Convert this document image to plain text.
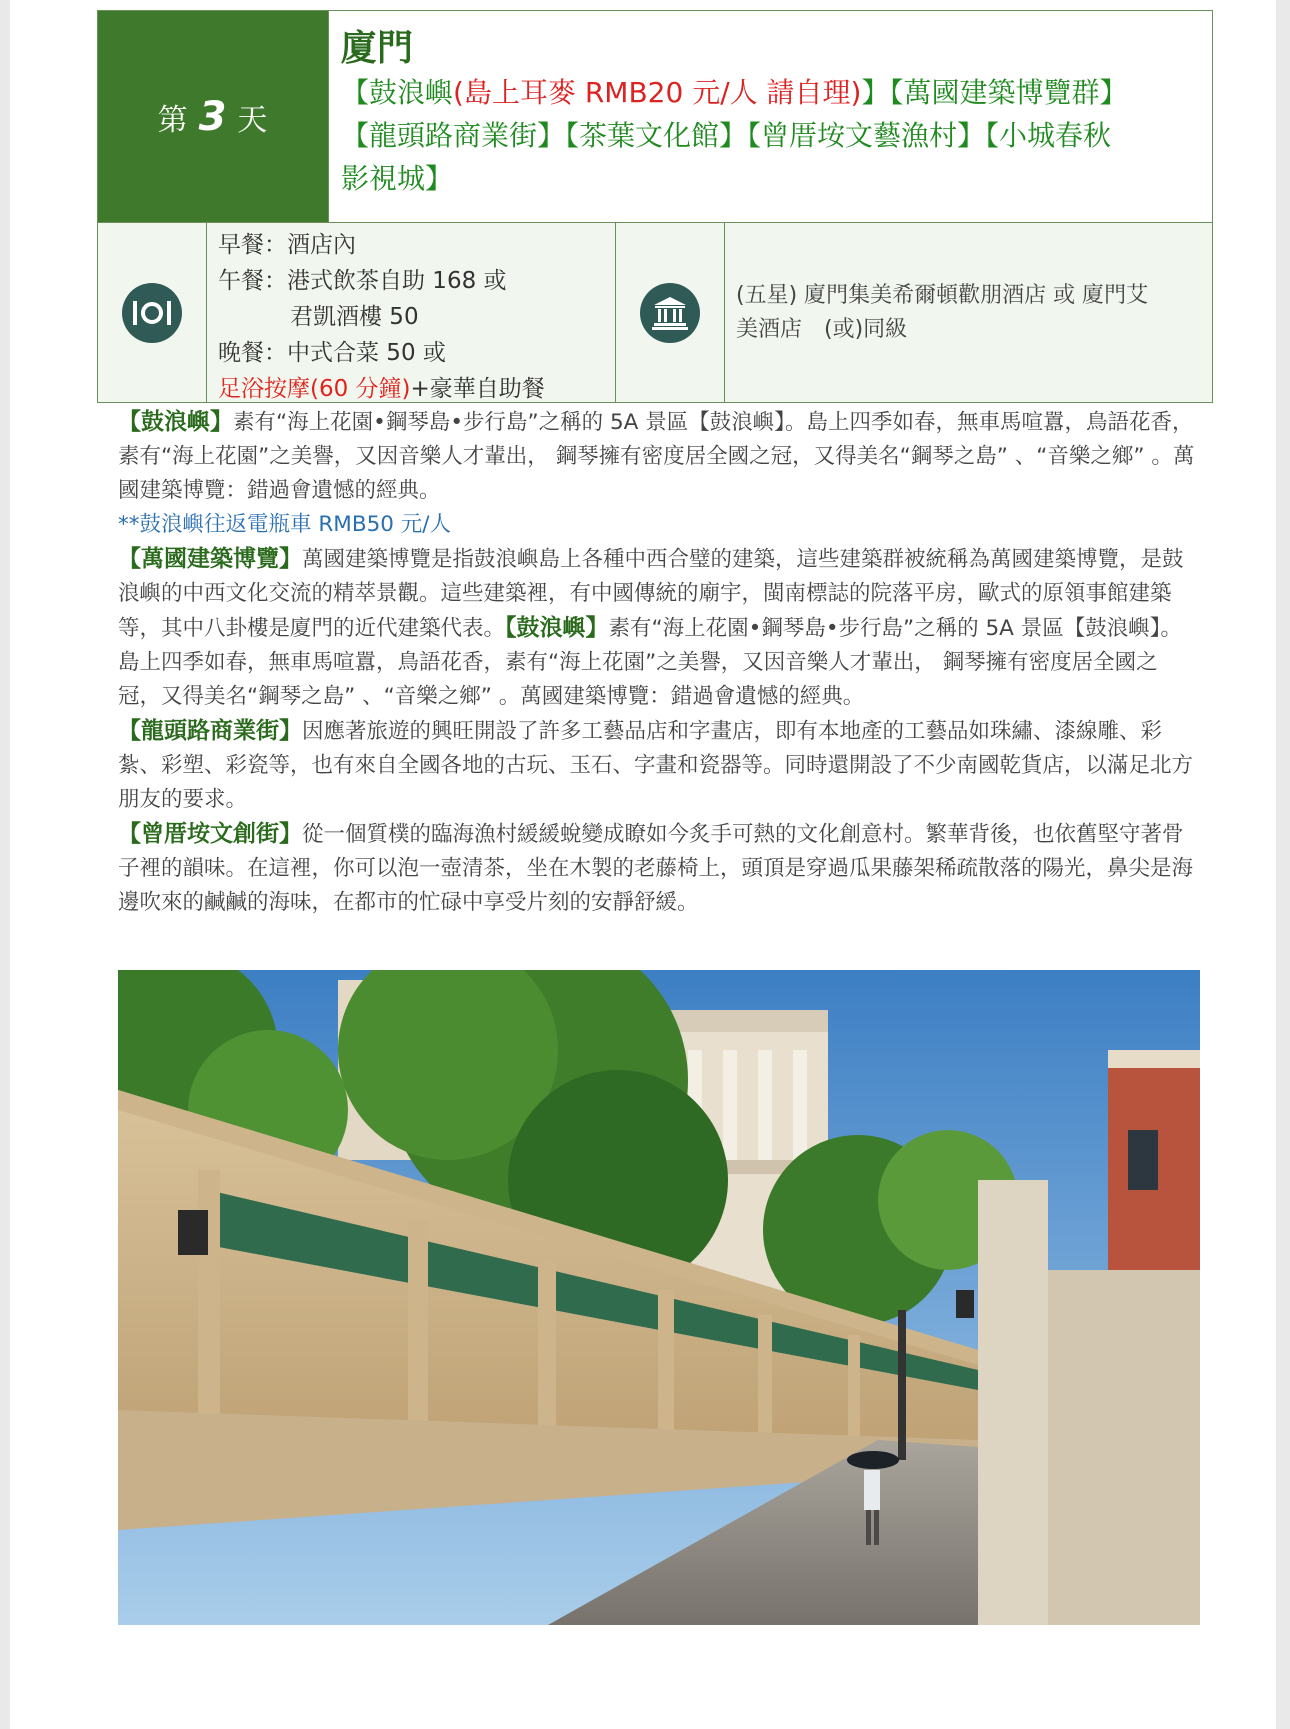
第 3 天
廈門
【鼓浪嶼(島上耳麥 RMB20 元/人 請自理)】【萬國建築博覽群】
【龍頭路商業街】【茶葉文化館】【曾厝垵文藝漁村】【小城春秋
影視城】
早餐：酒店內
午餐：港式飲茶自助 168 或
君凱酒樓 50
晚餐：中式合菜 50 或
足浴按摩(60 分鐘)+豪華自助餐
(五星) 廈門集美希爾頓歡朋酒店 或 廈門艾
美酒店　(或)同級

【鼓浪嶼】素有“海上花園•鋼琴島•步行島”之稱的 5A 景區【鼓浪嶼】。島上四季如春，無車馬喧囂，鳥語花香，素有“海上花園”之美譽，又因音樂人才輩出， 鋼琴擁有密度居全國之冠，又得美名“鋼琴之島” 、“音樂之鄉” 。萬國建築博覽：錯過會遺憾的經典。

**鼓浪嶼往返電瓶車 RMB50 元/人

【萬國建築博覽】萬國建築博覽是指鼓浪嶼島上各種中西合璧的建築，這些建築群被統稱為萬國建築博覽，是鼓浪嶼的中西文化交流的精萃景觀。這些建築裡，有中國傳統的廟宇，閩南標誌的院落平房，歐式的原領事館建築等，其中八卦樓是廈門的近代建築代表。【鼓浪嶼】素有“海上花園•鋼琴島•步行島”之稱的 5A 景區【鼓浪嶼】。島上四季如春，無車馬喧囂，鳥語花香，素有“海上花園”之美譽，又因音樂人才輩出， 鋼琴擁有密度居全國之冠，又得美名“鋼琴之島” 、“音樂之鄉” 。萬國建築博覽：錯過會遺憾的經典。

【龍頭路商業街】因應著旅遊的興旺開設了許多工藝品店和字畫店，即有本地產的工藝品如珠繡、漆線雕、彩紮、彩塑、彩瓷等，也有來自全國各地的古玩、玉石、字畫和瓷器等。同時還開設了不少南國乾貨店，以滿足北方朋友的要求。

【曾厝垵文創街】從一個質樸的臨海漁村緩緩蛻變成瞭如今炙手可熱的文化創意村。繁華背後，也依舊堅守著骨子裡的韻味。在這裡，你可以泡一壺清茶，坐在木製的老藤椅上，頭頂是穿過瓜果藤架稀疏散落的陽光，鼻尖是海邊吹來的鹹鹹的海味，在都市的忙碌中享受片刻的安靜舒緩。
